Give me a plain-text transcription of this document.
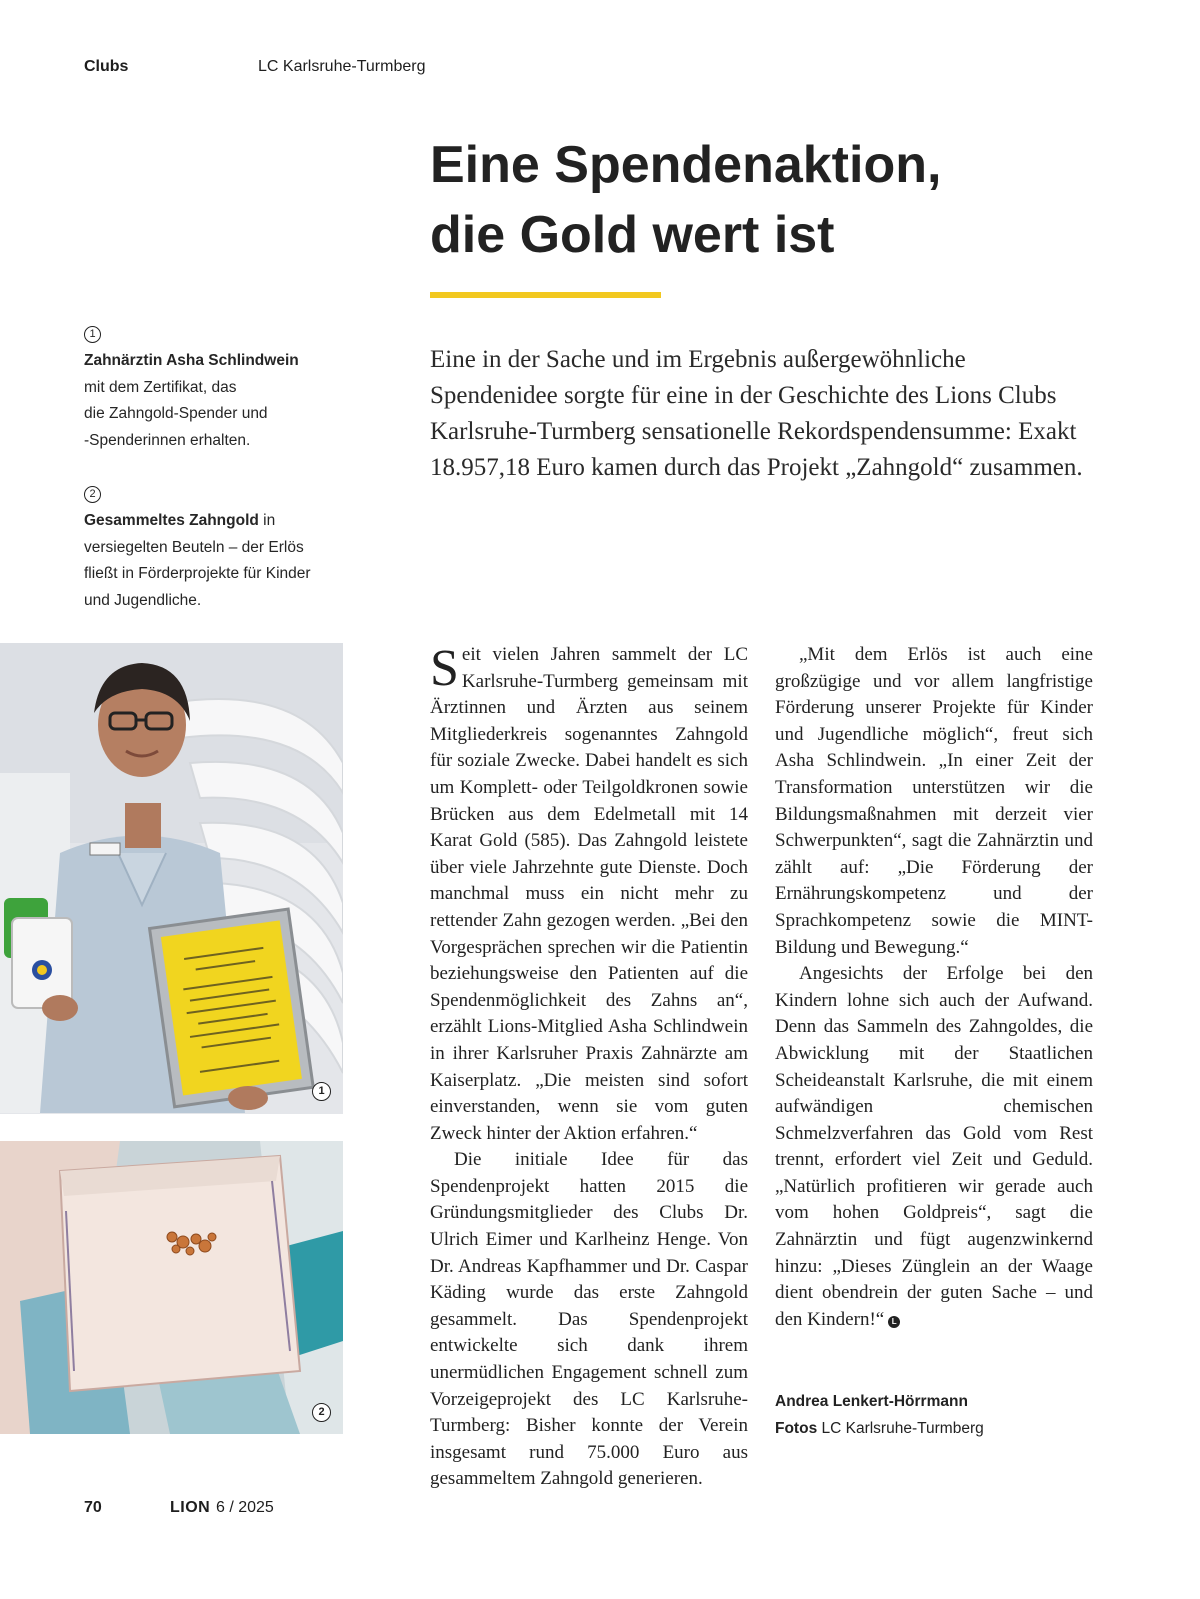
Clubs	LC Karlsruhe-Turmberg
Eine Spendenaktion,
die Gold wert ist
1
Zahnärztin Asha Schlindwein
mit dem Zertifikat, das
die Zahngold-Spender und
-Spenderinnen erhalten.
2
Gesammeltes Zahngold in
versiegelten Beuteln – der Erlös
fließt in Förderprojekte für Kinder
und Jugendliche.

Eine in der Sache und im Ergebnis außergewöhnliche Spendenidee sorgte für eine in der Geschichte des Lions Clubs Karlsruhe-Turmberg sensationelle Rekordspendensumme: Exakt 18.957,18 Euro kamen durch das Projekt „Zahngold“ zusammen.

1
2

Seit vielen Jahren sammelt der LC Karlsruhe-Turmberg gemeinsam mit Ärztinnen und Ärzten aus seinem Mitgliederkreis sogenanntes Zahngold für soziale Zwecke. Dabei handelt es sich um Komplett- oder Teilgoldkronen sowie Brücken aus dem Edelmetall mit 14 Karat Gold (585). Das Zahngold leistete über viele Jahrzehnte gute Dienste. Doch manchmal muss ein nicht mehr zu rettender Zahn gezogen werden. „Bei den Vorgesprächen sprechen wir die Patientin beziehungsweise den Patienten auf die Spendenmöglichkeit des Zahns an“, erzählt Lions-Mitglied Asha Schlindwein in ihrer Karlsruher Praxis Zahnärzte am Kaiserplatz. „Die meisten sind sofort einverstanden, wenn sie vom guten Zweck hinter der Aktion erfahren.“

Die initiale Idee für das Spendenprojekt hatten 2015 die Gründungsmitglieder des Clubs Dr. Ulrich Eimer und Karlheinz Henge. Von Dr. Andreas Kapfhammer und Dr. Caspar Käding wurde das erste Zahngold gesammelt. Das Spendenprojekt entwickelte sich dank ihrem unermüdlichen Engagement schnell zum Vorzeigeprojekt des LC Karlsruhe-Turmberg: Bisher konnte der Verein insgesamt rund 75.000 Euro aus gesammeltem Zahngold generieren.

„Mit dem Erlös ist auch eine großzügige und vor allem langfristige Förderung unserer Projekte für Kinder und Jugendliche möglich“, freut sich Asha Schlindwein. „In einer Zeit der Transformation unterstützen wir die Bildungsmaßnahmen mit derzeit vier Schwerpunkten“, sagt die Zahnärztin und zählt auf: „Die Förderung der Ernährungskompetenz und der Sprachkompetenz sowie die MINT-Bildung und Bewegung.“

Angesichts der Erfolge bei den Kindern lohne sich auch der Aufwand. Denn das Sammeln des Zahngoldes, die Abwicklung mit der Staatlichen Scheideanstalt Karlsruhe, die mit einem aufwändigen chemischen Schmelzverfahren das Gold vom Rest trennt, erfordert viel Zeit und Geduld. „Natürlich profitieren wir gerade auch vom hohen Goldpreis“, sagt die Zahnärztin und fügt augenzwinkernd hinzu: „Dieses Zünglein an der Waage dient obendrein der guten Sache – und den Kindern!“ L

Andrea Lenkert-Hörrmann
Fotos LC Karlsruhe-Turmberg
70	LION 6 / 2025
